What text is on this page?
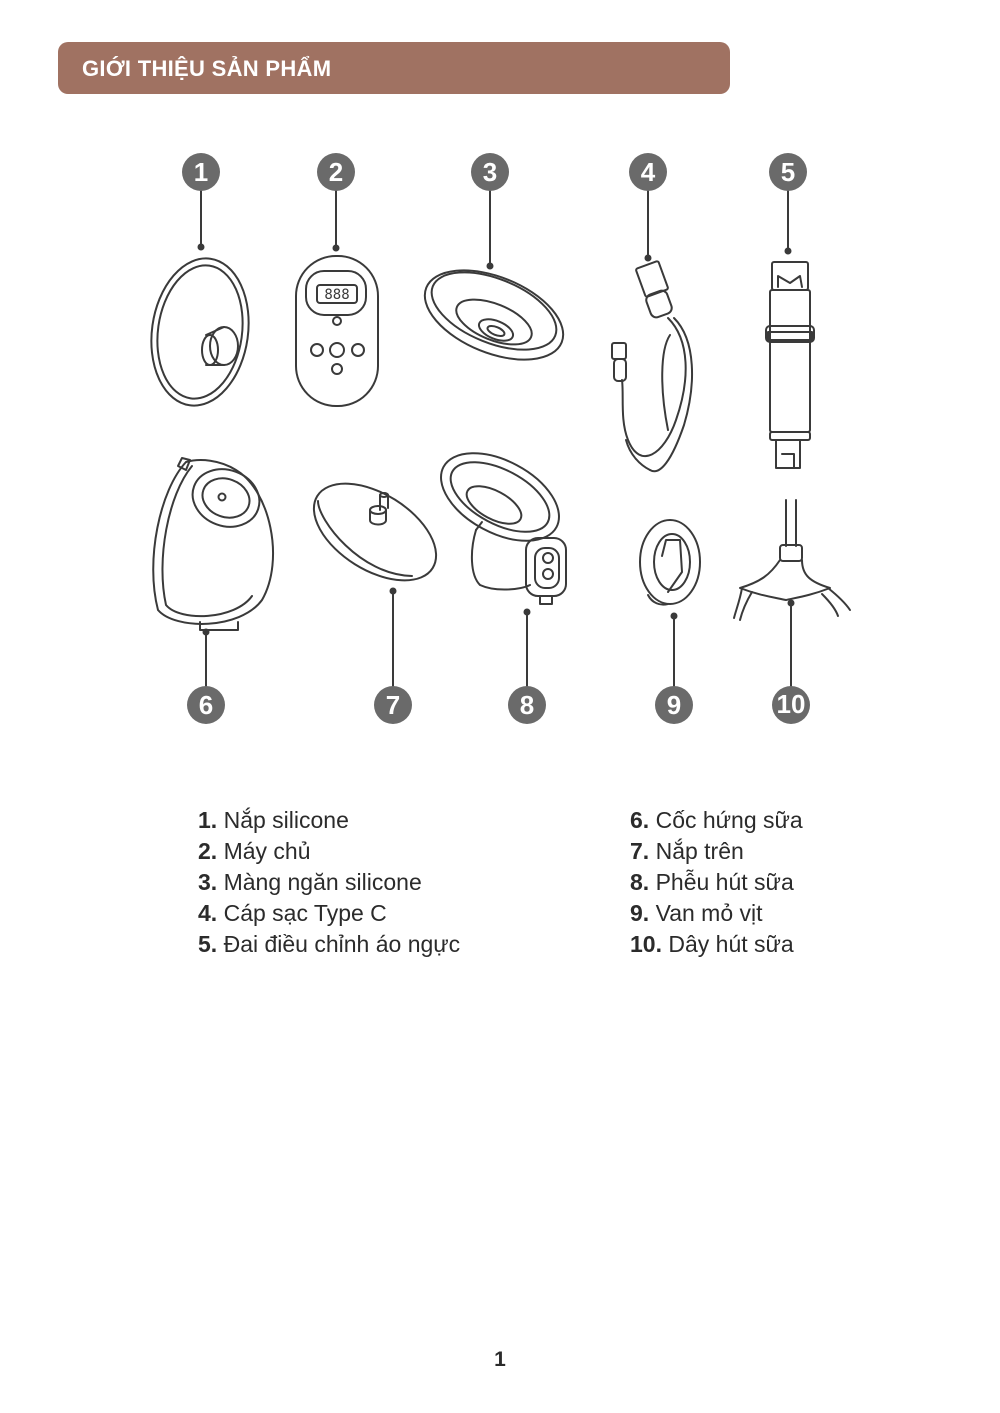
GIỚI THIỆU SẢN PHẨM
888
1	2	3	4	5
6	7	8	9	10
1. Nắp silicone
2. Máy chủ
3. Màng ngăn silicone
4. Cáp sạc Type C
5. Đai điều chỉnh áo ngực
6. Cốc hứng sữa
7. Nắp trên
8. Phễu hút sữa
9. Van mỏ vịt
10. Dây hút sữa
1
